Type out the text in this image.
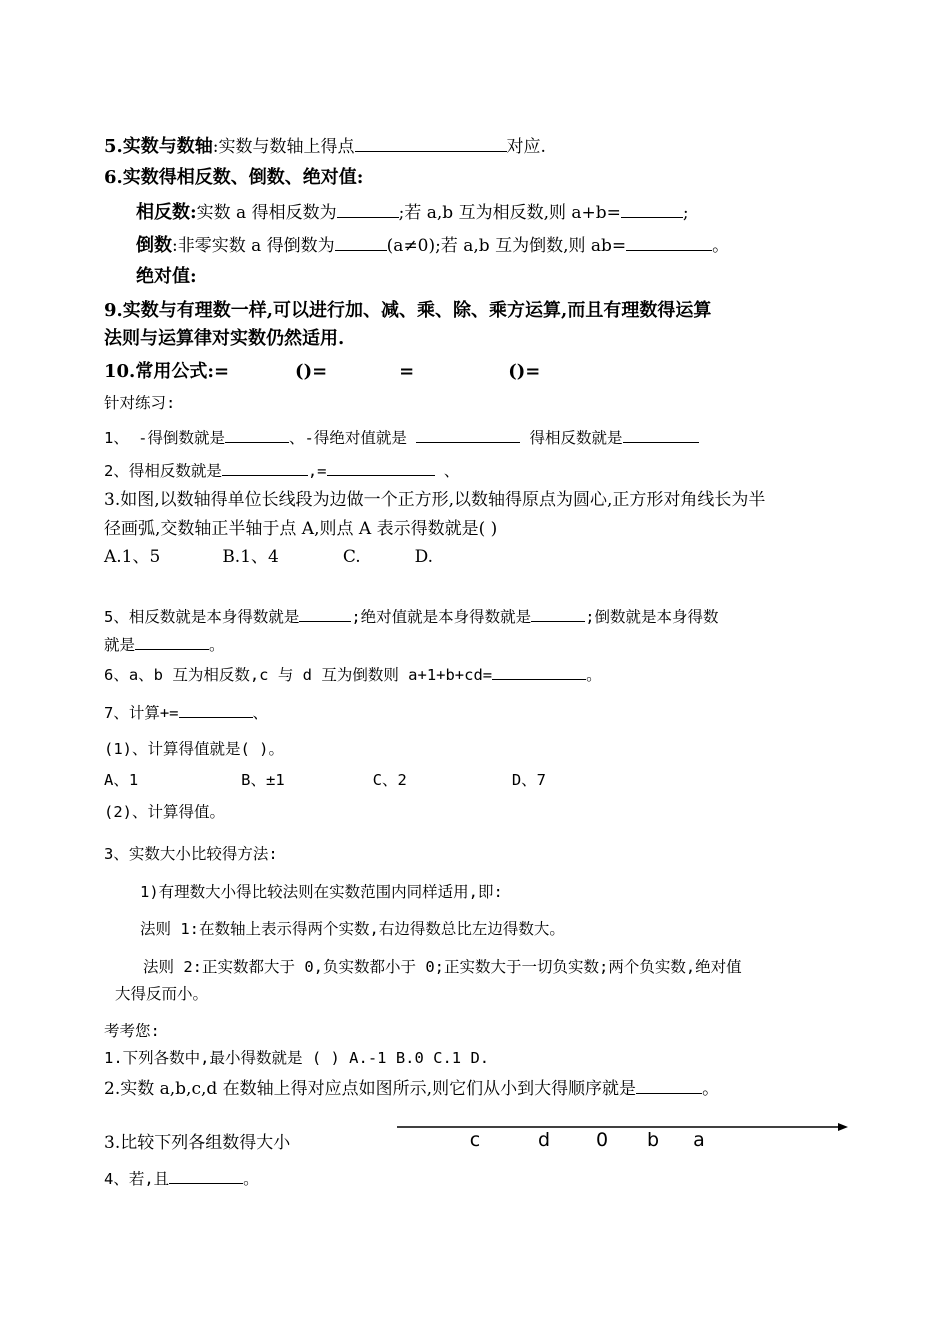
5.实数与数轴:实数与数轴上得点	对应.
6.实数得相反数、倒数、绝对值:
相反数:实数 a 得相反数为	;若 a,b 互为相反数,则 a+b=	;
倒数:非零实数 a 得倒数为	(a≠0);若 a,b 互为倒数,则 ab=	。
绝对值:
9.实数与有理数一样,可以进行加、减、乘、除、乘方运算,而且有理数得运算
法则与运算律对实数仍然适用.
10.常用公式:=	()=	=	()=
针对练习:
1、 -得倒数就是	、-得绝对值就是	得相反数就是
2、得相反数就是	,=	、
3.如图,以数轴得单位长线段为边做一个正方形,以数轴得原点为圆心,正方形对角线长为半
径画弧,交数轴正半轴于点 A,则点 A 表示得数就是( )
A.1、5	B.1、4	C.	D.
5、相反数就是本身得数就是	;绝对值就是本身得数就是	;倒数就是本身得数
就是	。
6、a、b 互为相反数,c 与 d 互为倒数则 a+1+b+cd=	。
7、计算+=	、
(1)、计算得值就是( )。
A、1	B、±1	C、2	D、7
(2)、计算得值。
3、实数大小比较得方法:
1)有理数大小得比较法则在实数范围内同样适用,即:
法则 1:在数轴上表示得两个实数,右边得数总比左边得数大。
法则 2:正实数都大于 0,负实数都小于 0;正实数大于一切负实数;两个负实数,绝对值
大得反而小。
考考您:
1.下列各数中,最小得数就是 ( ) A.-1 B.0 C.1 D.
2.实数 a,b,c,d 在数轴上得对应点如图所示,则它们从小到大得顺序就是	。
3.比较下列各组数得大小
4、若,且	。
c	d 0 b a
